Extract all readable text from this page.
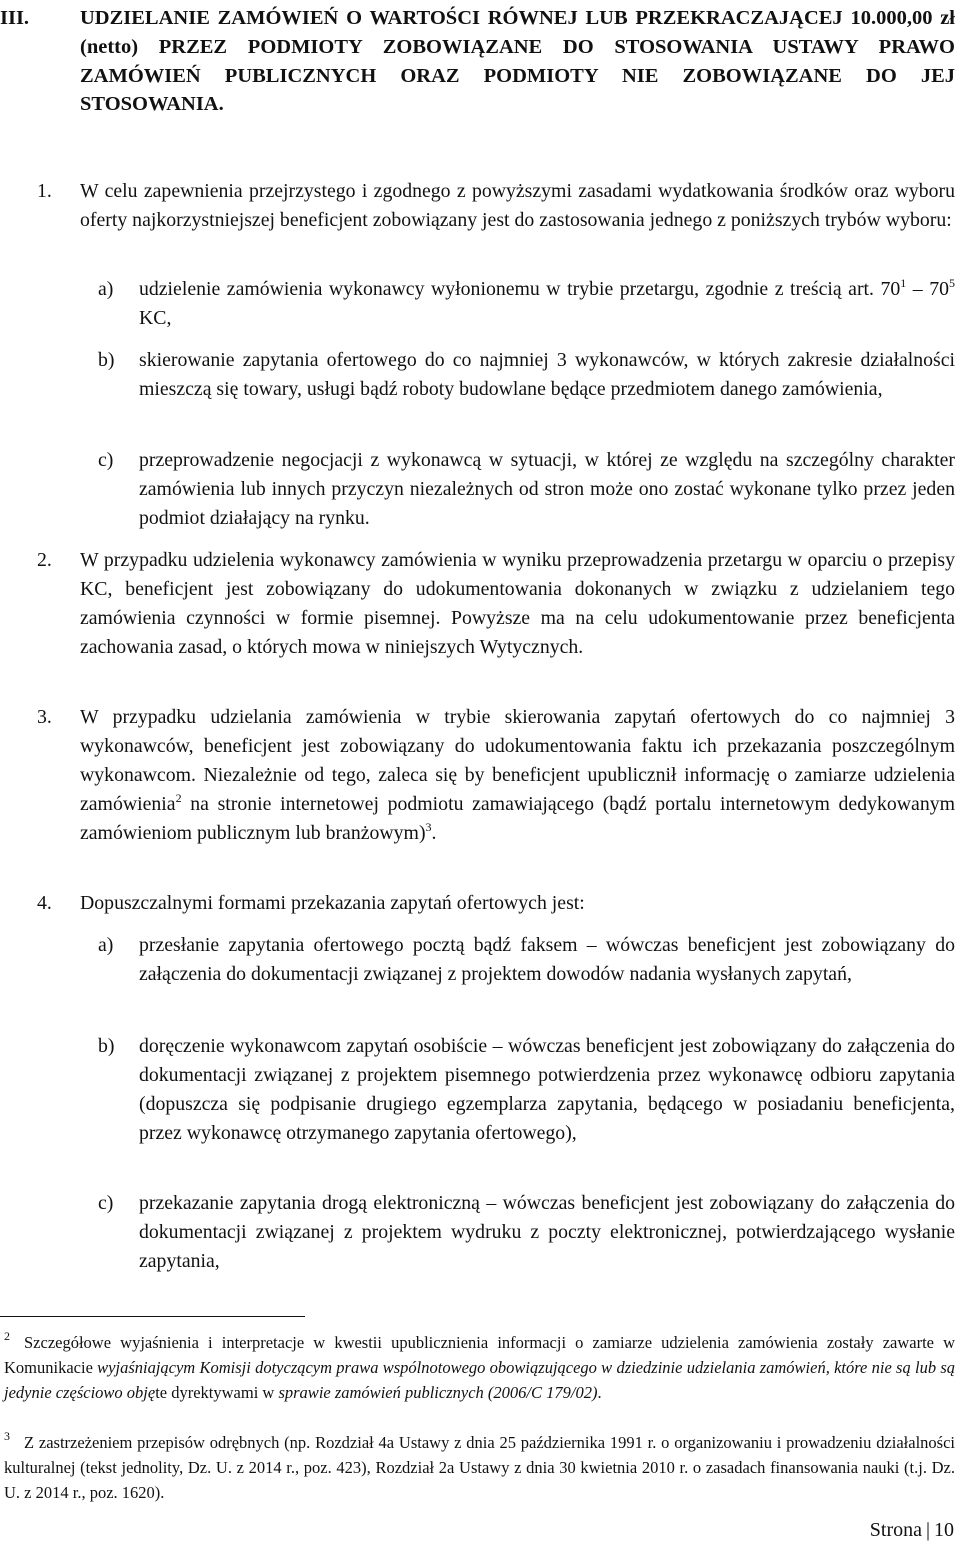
III. UDZIELANIE ZAMÓWIEŃ O WARTOŚCI RÓWNEJ LUB PRZEKRACZAJĄCEJ 10.000,00 zł (netto) PRZEZ PODMIOTY ZOBOWIĄZANE DO STOSOWANIA USTAWY PRAWO ZAMÓWIEŃ PUBLICZNYCH ORAZ PODMIOTY NIE ZOBOWIĄZANE DO JEJ STOSOWANIA.
1. W celu zapewnienia przejrzystego i zgodnego z powyższymi zasadami wydatkowania środków oraz wyboru oferty najkorzystniejszej beneficjent zobowiązany jest do zastosowania jednego z poniższych trybów wyboru:
a) udzielenie zamówienia wykonawcy wyłonionemu w trybie przetargu, zgodnie z treścią art. $70^1 - 70^5$ KC,
b) skierowanie zapytania ofertowego do co najmniej 3 wykonawców, w których zakresie działalności mieszczą się towary, usługi bądź roboty budowlane będące przedmiotem danego zamówienia,
c) przeprowadzenie negocjacji z wykonawcą w sytuacji, w której ze względu na szczególny charakter zamówienia lub innych przyczyn niezależnych od stron może ono zostać wykonane tylko przez jeden podmiot działający na rynku.
2. W przypadku udzielenia wykonawcy zamówienia w wyniku przeprowadzenia przetargu w oparciu o przepisy KC, beneficjent jest zobowiązany do udokumentowania dokonanych w związku z udzielaniem tego zamówienia czynności w formie pisemnej. Powyższe ma na celu udokumentowanie przez beneficjenta zachowania zasad, o których mowa w niniejszych Wytycznych.
3. W przypadku udzielania zamówienia w trybie skierowania zapytań ofertowych do co najmniej 3 wykonawców, beneficjent jest zobowiązany do udokumentowania faktu ich przekazania poszczególnym wykonawcom. Niezależnie od tego, zaleca się by beneficjent upublicznił informację o zamiarze udzielenia zamówienia$^2$ na stronie internetowej podmiotu zamawiającego (bądź portalu internetowym dedykowanym zamówieniom publicznym lub branżowym)$^3$.
4. Dopuszczalnymi formami przekazania zapytań ofertowych jest:
a) przesłanie zapytania ofertowego pocztą bądź faksem – wówczas beneficjent jest zobowiązany do załączenia do dokumentacji związanej z projektem dowodów nadania wysłanych zapytań,
b) doręczenie wykonawcom zapytań osobiście – wówczas beneficjent jest zobowiązany do załączenia do dokumentacji związanej z projektem pisemnego potwierdzenia przez wykonawcę odbioru zapytania (dopuszcza się podpisanie drugiego egzemplarza zapytania, będącego w posiadaniu beneficjenta, przez wykonawcę otrzymanego zapytania ofertowego),
c) przekazanie zapytania drogą elektroniczną – wówczas beneficjent jest zobowiązany do załączenia do dokumentacji związanej z projektem wydruku z poczty elektronicznej, potwierdzającego wysłanie zapytania,
$^2$ Szczegółowe wyjaśnienia i interpretacje w kwestii upublicznienia informacji o zamiarze udzielenia zamówienia zostały zawarte w Komunikacie wyjaśniającym Komisji dotyczącym prawa wspólnotowego obowiązującego w dziedzinie udzielania zamówień, które nie są lub są jedynie częściowo objęte dyrektywami w sprawie zamówień publicznych (2006/C 179/02).
$^3$ Z zastrzeżeniem przepisów odrębnych (np. Rozdział 4a Ustawy z dnia 25 października 1991 r. o organizowaniu i prowadzeniu działalności kulturalnej (tekst jednolity, Dz. U. z 2014 r., poz. 423), Rozdział 2a Ustawy z dnia 30 kwietnia 2010 r. o zasadach finansowania nauki (t.j. Dz. U. z 2014 r., poz. 1620).
Strona | 10
